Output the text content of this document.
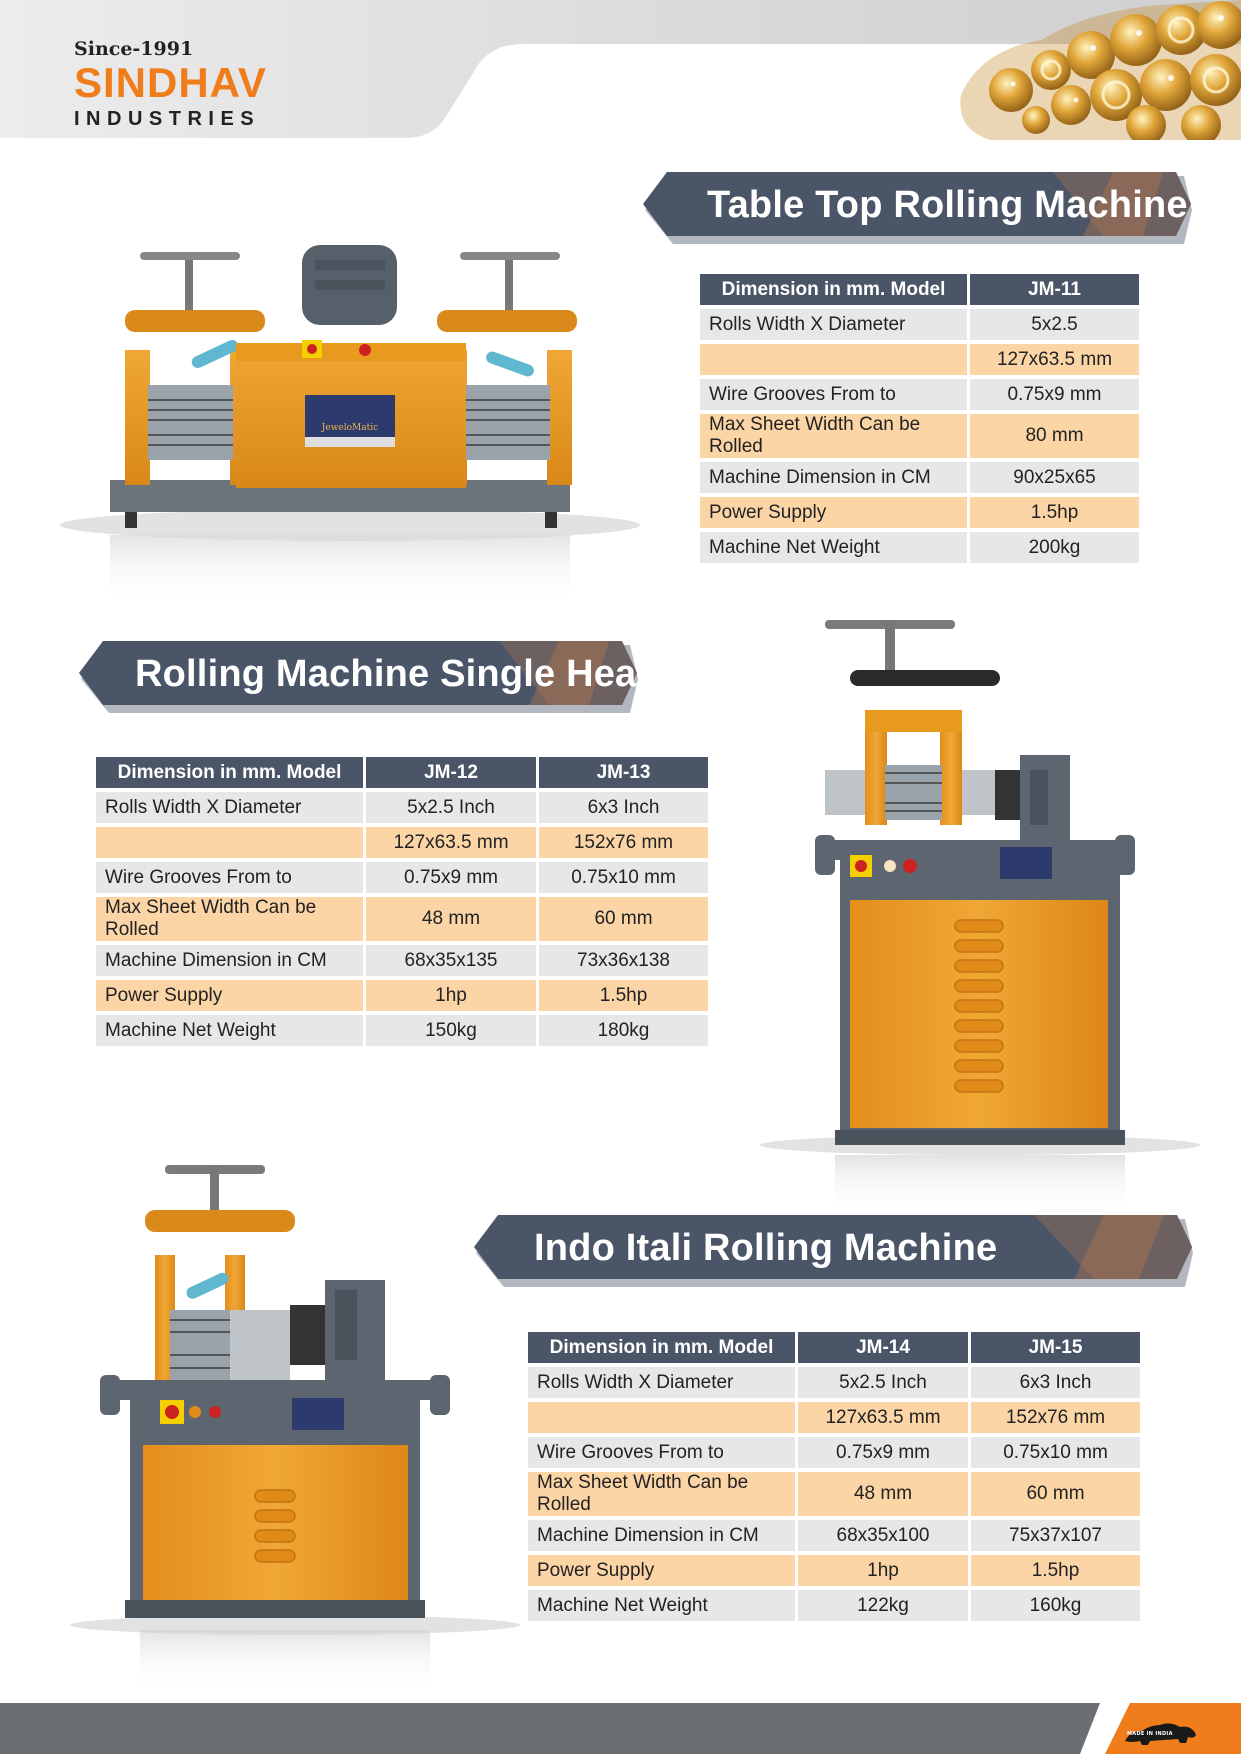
Since-1991
SINDHAV
INDUSTRIES
Table Top Rolling Machine
Dimension in mm. Model	JM-11
Rolls Width X Diameter	5x2.5
	127x63.5 mm
Wire Grooves From to	0.75x9 mm
Max Sheet Width Can be Rolled	80 mm
Machine Dimension in CM	90x25x65
Power Supply	1.5hp
Machine Net Weight	200kg
JeweloMatic
Rolling Machine Single Head
Dimension in mm. Model	JM-12	JM-13
Rolls Width X Diameter	5x2.5 Inch	6x3 Inch
	127x63.5 mm	152x76 mm
Wire Grooves From to	0.75x9 mm	0.75x10 mm
Max Sheet Width Can be Rolled	48 mm	60 mm
Machine Dimension in CM	68x35x135	73x36x138
Power Supply	1hp	1.5hp
Machine Net Weight	150kg	180kg
Indo Itali Rolling Machine
Dimension in mm. Model	JM-14	JM-15
Rolls Width X Diameter	5x2.5 Inch	6x3 Inch
	127x63.5 mm	152x76 mm
Wire Grooves From to	0.75x9 mm	0.75x10 mm
Max Sheet Width Can be Rolled	48 mm	60 mm
Machine Dimension in CM	68x35x100	75x37x107
Power Supply	1hp	1.5hp
Machine Net Weight	122kg	160kg
MADE IN INDIA
